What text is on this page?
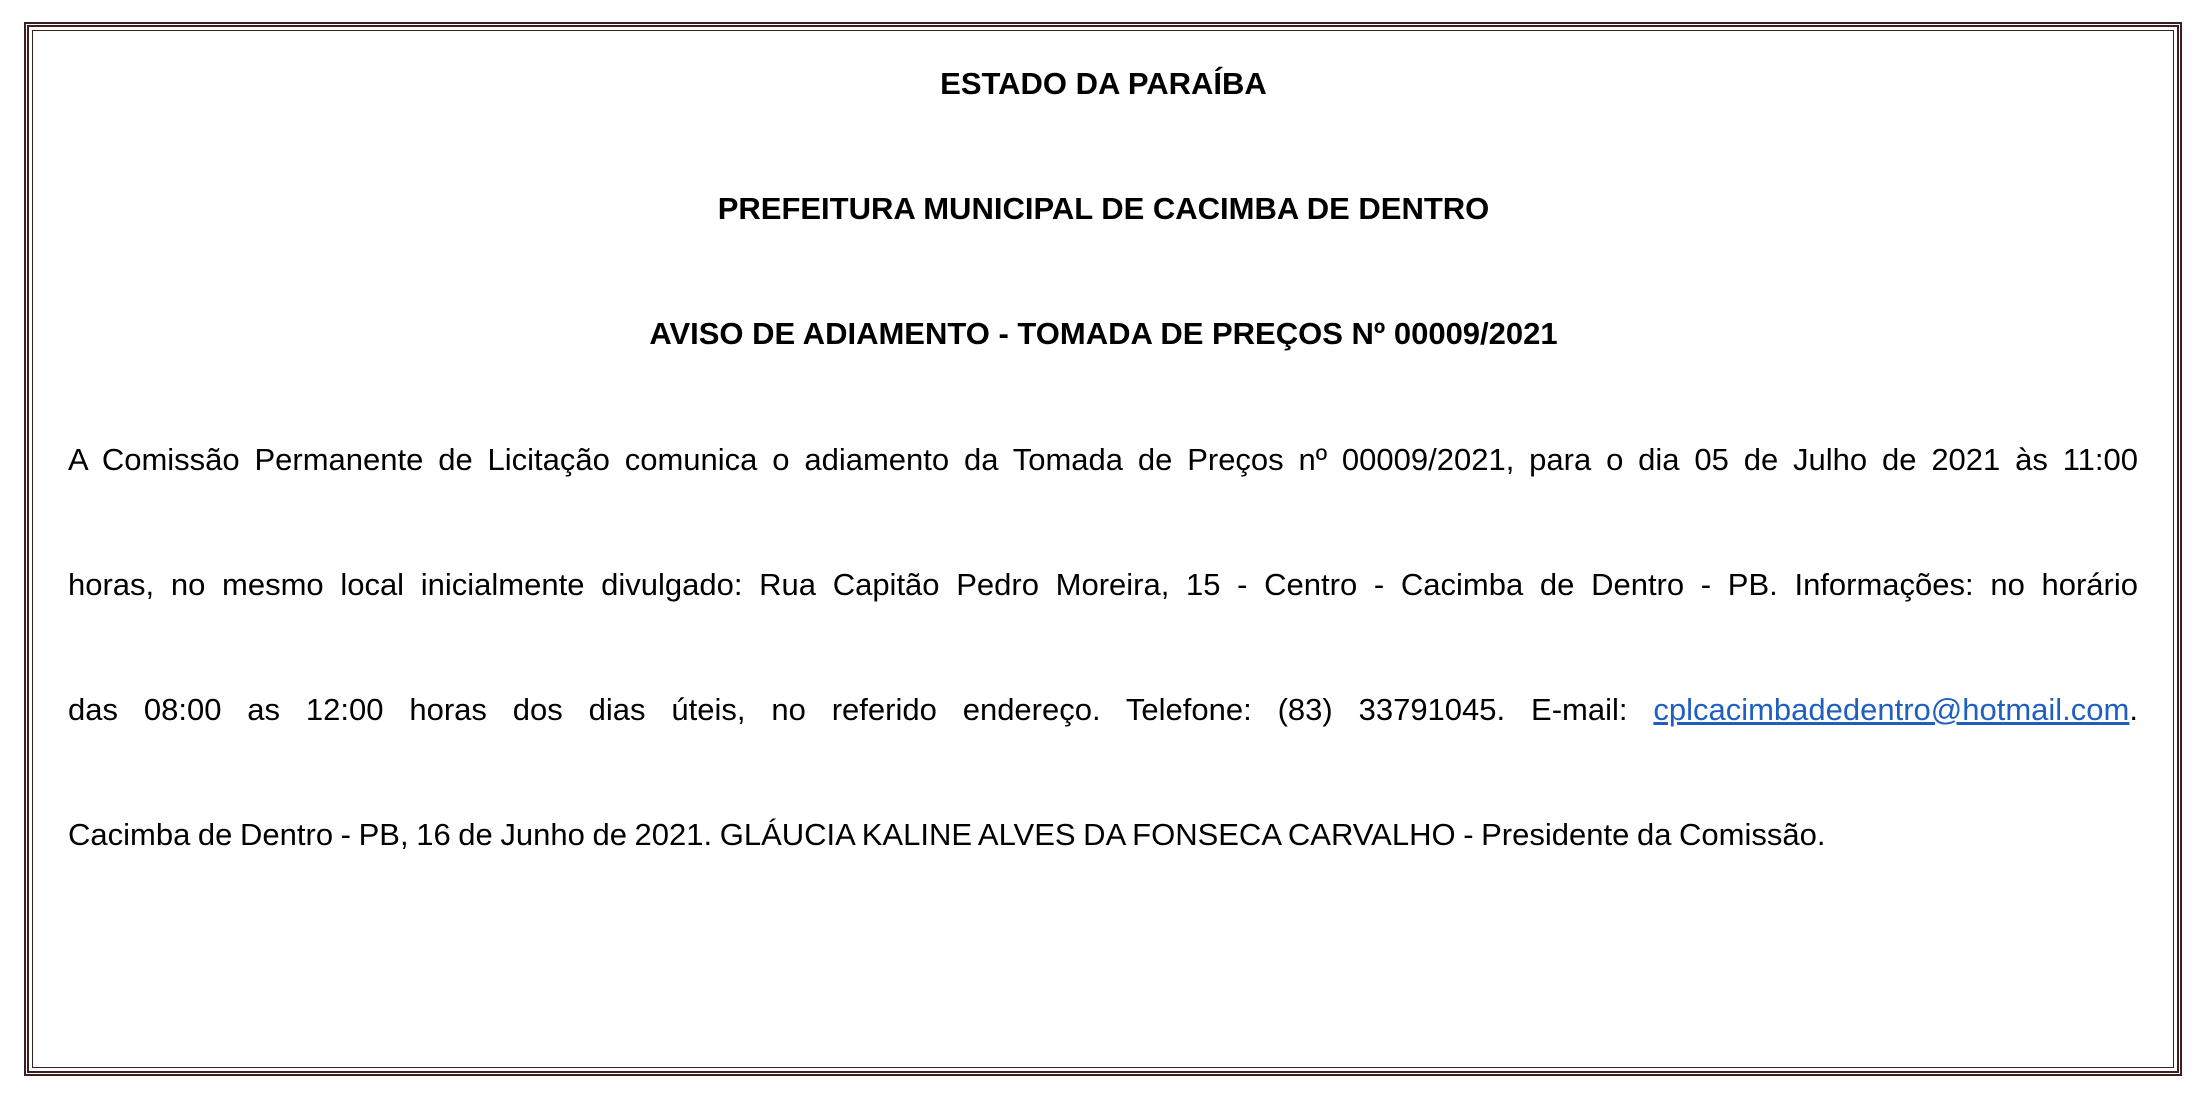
ESTADO DA PARAÍBA
PREFEITURA MUNICIPAL DE CACIMBA DE DENTRO
AVISO DE ADIAMENTO - TOMADA DE PREÇOS Nº 00009/2021
A Comissão Permanente de Licitação comunica o adiamento da Tomada de Preços nº 00009/2021, para o dia 05 de Julho de 2021 às 11:00
horas, no mesmo local inicialmente divulgado: Rua Capitão Pedro Moreira, 15 - Centro - Cacimba de Dentro - PB. Informações: no horário
das 08:00 as 12:00 horas dos dias úteis, no referido endereço. Telefone: (83) 33791045. E-mail: cplcacimbadedentro@hotmail.com.
Cacimba de Dentro - PB, 16 de Junho de 2021. GLÁUCIA KALINE ALVES DA FONSECA CARVALHO - Presidente da Comissão.
